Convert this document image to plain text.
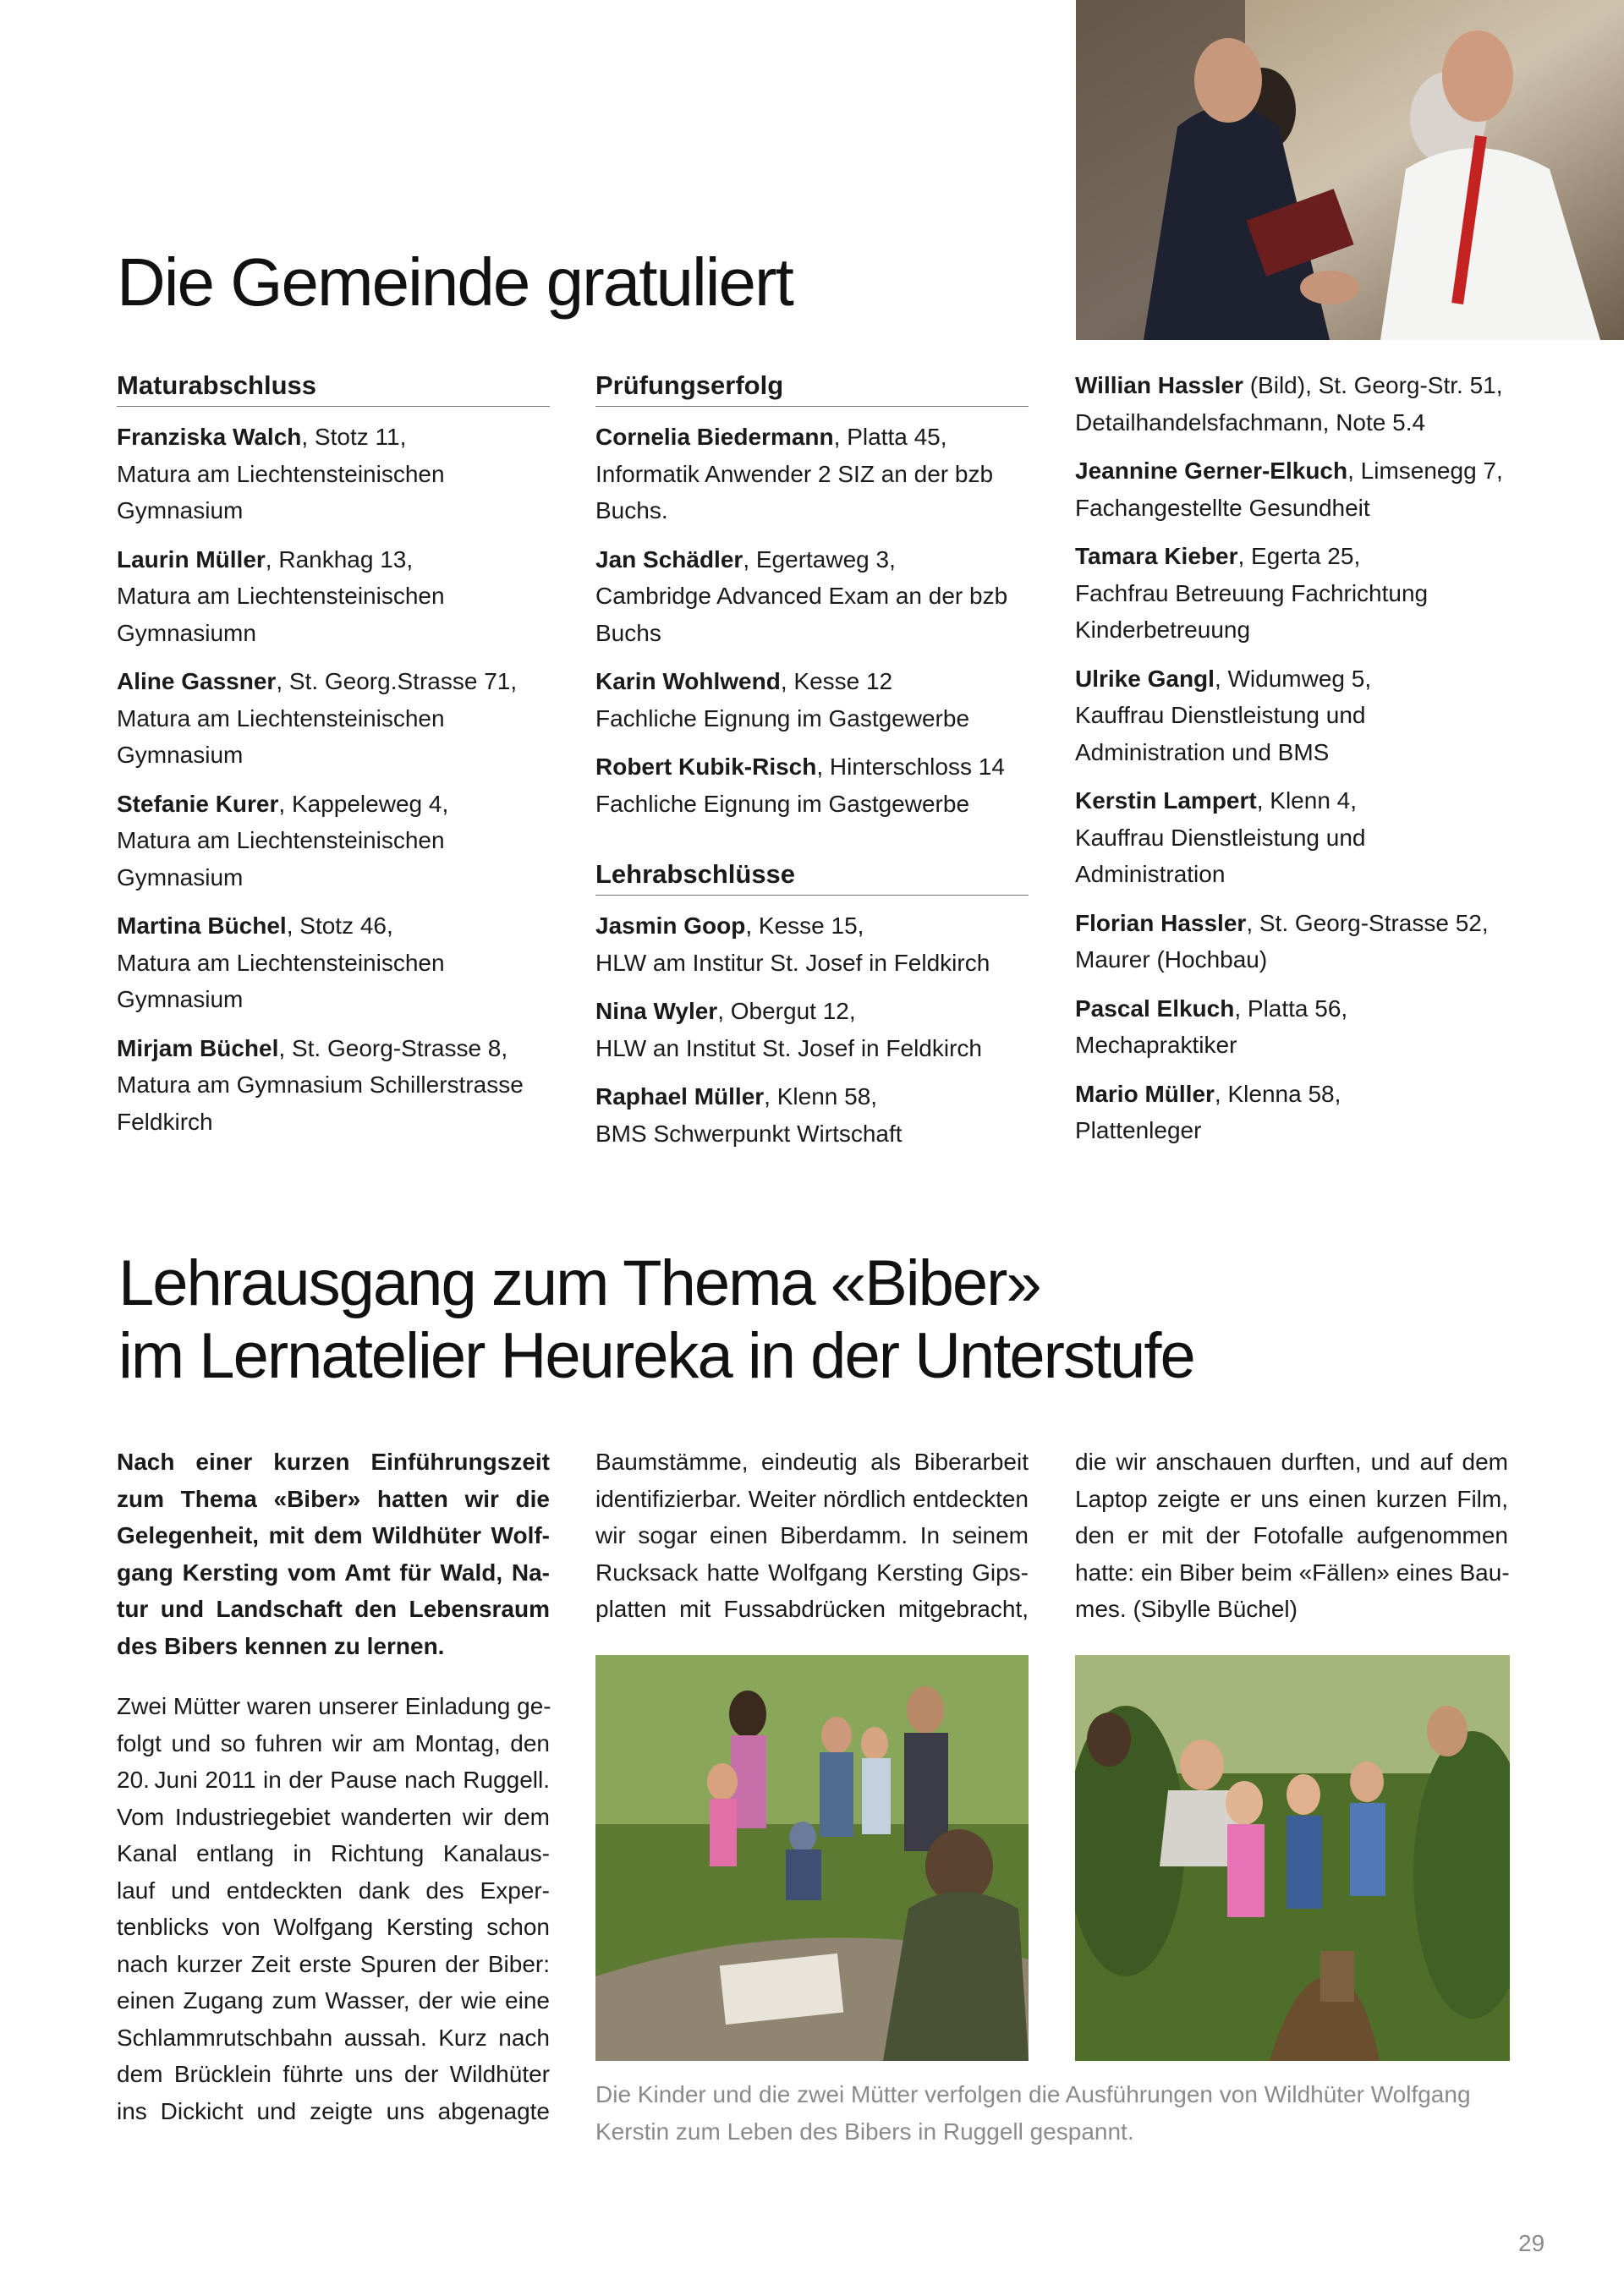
Die Gemeinde gratuliert
Maturabschluss
Franziska Walch, Stotz 11,
Matura am Liechtensteinischen
Gymnasium
Laurin Müller, Rankhag 13,
Matura am Liechtensteinischen
Gymnasiumn
Aline Gassner, St. Georg.Strasse 71,
Matura am Liechtensteinischen
Gymnasium
Stefanie Kurer, Kappeleweg 4,
Matura am Liechtensteinischen
Gymnasium
Martina Büchel, Stotz 46,
Matura am Liechtensteinischen
Gymnasium
Mirjam Büchel, St. Georg-Strasse 8,
Matura am Gymnasium Schillerstrasse
Feldkirch
Prüfungserfolg
Cornelia Biedermann, Platta 45,
Informatik Anwender 2 SIZ an der bzb
Buchs.
Jan Schädler, Egertaweg 3,
Cambridge Advanced Exam an der bzb
Buchs
Karin Wohlwend, Kesse 12
Fachliche Eignung im Gastgewerbe
Robert Kubik-Risch, Hinterschloss 14
Fachliche Eignung im Gastgewerbe
Lehrabschlüsse
Jasmin Goop, Kesse 15,
HLW am Institur St. Josef in Feldkirch
Nina Wyler, Obergut 12,
HLW an Institut St. Josef in Feldkirch
Raphael Müller, Klenn 58,
BMS Schwerpunkt Wirtschaft
Willian Hassler (Bild), St. Georg-Str. 51,
Detailhandelsfachmann, Note 5.4
Jeannine Gerner-Elkuch, Limsenegg 7,
Fachangestellte Gesundheit
Tamara Kieber, Egerta 25,
Fachfrau Betreuung Fachrichtung
Kinderbetreuung
Ulrike Gangl, Widumweg 5,
Kauffrau Dienstleistung und
Administration und BMS
Kerstin Lampert, Klenn 4,
Kauffrau Dienstleistung und
Administration
Florian Hassler, St. Georg-Strasse 52,
Maurer (Hochbau)
Pascal Elkuch, Platta 56,
Mechapraktiker
Mario Müller, Klenna 58,
Plattenleger
Lehrausgang zum Thema «Biber»
im Lernatelier Heureka in der Unterstufe

Nach einer kurzen Einführungszeit zum Thema «Biber» hatten wir die Gelegenheit, mit dem Wildhüter Wolfgang Kersting vom Amt für Wald, Natur und Landschaft den Lebensraum des Bibers kennen zu lernen.

Zwei Mütter waren unserer Einladung ge-
folgt und so fuhren wir am Montag, den
20. Juni 2011 in der Pause nach Ruggell.
Vom Industriegebiet wanderten wir dem
Kanal entlang in Richtung Kanalaus-
lauf und entdeckten dank des Exper-
tenblicks von Wolfgang Kersting schon
nach kurzer Zeit erste Spuren der Biber:
einen Zugang zum Wasser, der wie eine
Schlammrutschbahn aussah. Kurz nach
dem Brücklein führte uns der Wildhüter
ins Dickicht und zeigte uns abgenagte
Baumstämme, eindeutig als Biberarbeit
identifizierbar. Weiter nördlich entdeckten
wir sogar einen Biberdamm. In seinem
Rucksack hatte Wolfgang Kersting Gips-
platten mit Fussabdrücken mitgebracht,
die wir anschauen durften, und auf dem
Laptop zeigte er uns einen kurzen Film,
den er mit der Fotofalle aufgenommen
hatte: ein Biber beim «Fällen» eines Bau-
mes. (Sibylle Büchel)
Die Kinder und die zwei Mütter verfolgen die Ausführungen von Wildhüter Wolfgang
Kerstin zum Leben des Bibers in Ruggell gespannt.
29
